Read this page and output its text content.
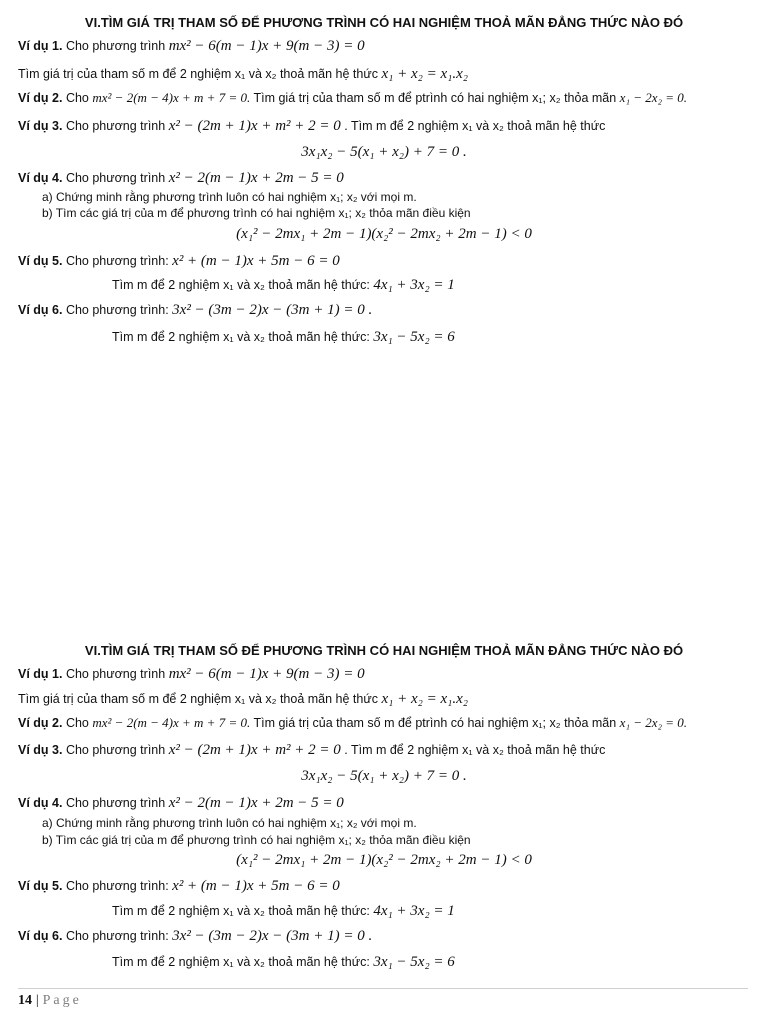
VI.TÌM GIÁ TRỊ THAM SỐ ĐỂ PHƯƠNG TRÌNH CÓ HAI NGHIỆM THOẢ MÃN ĐẲNG THỨC NÀO ĐÓ
Ví dụ 1. Cho phương trình mx² − 6(m − 1)x + 9(m − 3) = 0
Tìm giá trị của tham số m để 2 nghiệm x₁ và x₂ thoả mãn hệ thức x₁ + x₂ = x₁.x₂
Ví dụ 2. Cho mx² − 2(m − 4)x + m + 7 = 0. Tìm giá trị của tham số m để ptrình có hai nghiệm x₁; x₂ thỏa mãn x₁ − 2x₂ = 0.
Ví dụ 3. Cho phương trình x² − (2m + 1)x + m² + 2 = 0 . Tìm m để 2 nghiệm x₁ và x₂ thoả mãn hệ thức
3x₁x₂ − 5(x₁ + x₂) + 7 = 0 .
Ví dụ 4. Cho phương trình x² − 2(m − 1)x + 2m − 5 = 0
a) Chứng minh rằng phương trình luôn có hai nghiệm x₁; x₂ với mọi m.
b) Tìm các giá trị của m để phương trình có hai nghiệm x₁; x₂ thỏa mãn điều kiện
(x₁² − 2mx₁ + 2m − 1)(x₂² − 2mx₂ + 2m − 1) < 0
Ví dụ 5. Cho phương trình: x² + (m − 1)x + 5m − 6 = 0
Tìm m để 2 nghiệm x₁ và x₂ thoả mãn hệ thức: 4x₁ + 3x₂ = 1
Ví dụ 6. Cho phương trình: 3x² − (3m − 2)x − (3m + 1) = 0 .
Tìm m để 2 nghiệm x₁ và x₂ thoả mãn hệ thức: 3x₁ − 5x₂ = 6
VI.TÌM GIÁ TRỊ THAM SỐ ĐỂ PHƯƠNG TRÌNH CÓ HAI NGHIỆM THOẢ MÃN ĐẲNG THỨC NÀO ĐÓ
Ví dụ 1. Cho phương trình mx² − 6(m − 1)x + 9(m − 3) = 0
Tìm giá trị của tham số m để 2 nghiệm x₁ và x₂ thoả mãn hệ thức x₁ + x₂ = x₁.x₂
Ví dụ 2. Cho mx² − 2(m − 4)x + m + 7 = 0. Tìm giá trị của tham số m để ptrình có hai nghiệm x₁; x₂ thỏa mãn x₁ − 2x₂ = 0.
Ví dụ 3. Cho phương trình x² − (2m + 1)x + m² + 2 = 0 . Tìm m để 2 nghiệm x₁ và x₂ thoả mãn hệ thức
3x₁x₂ − 5(x₁ + x₂) + 7 = 0 .
Ví dụ 4. Cho phương trình x² − 2(m − 1)x + 2m − 5 = 0
a) Chứng minh rằng phương trình luôn có hai nghiệm x₁; x₂ với mọi m.
b) Tìm các giá trị của m để phương trình có hai nghiệm x₁; x₂ thỏa mãn điều kiện
(x₁² − 2mx₁ + 2m − 1)(x₂² − 2mx₂ + 2m − 1) < 0
Ví dụ 5. Cho phương trình: x² + (m − 1)x + 5m − 6 = 0
Tìm m để 2 nghiệm x₁ và x₂ thoả mãn hệ thức: 4x₁ + 3x₂ = 1
Ví dụ 6. Cho phương trình: 3x² − (3m − 2)x − (3m + 1) = 0 .
Tìm m để 2 nghiệm x₁ và x₂ thoả mãn hệ thức: 3x₁ − 5x₂ = 6
14 | Page
